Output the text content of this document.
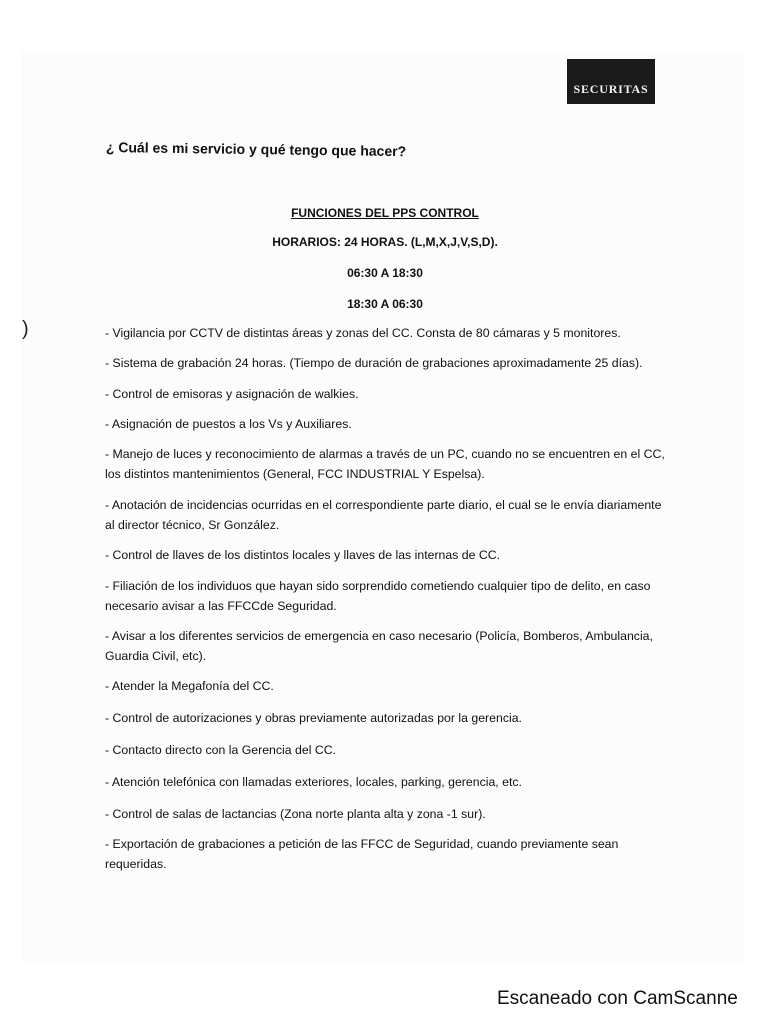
SECURITAS
¿ Cuál es mi servicio y qué tengo que hacer?
FUNCIONES DEL PPS CONTROL
HORARIOS: 24 HORAS. (L,M,X,J,V,S,D).
06:30 A 18:30
18:30 A 06:30
)	- Vigilancia por CCTV de distintas áreas y zonas del CC. Consta de 80 cámaras y 5 monitores.
- Sistema de grabación 24 horas. (Tiempo de duración de grabaciones aproximadamente 25 días).
- Control de emisoras y asignación de walkies.
- Asignación de puestos a los Vs y Auxiliares.
- Manejo de luces y reconocimiento de alarmas a través de un PC, cuando no se encuentren en el CC, los distintos mantenimientos (General, FCC INDUSTRIAL Y Espelsa).
- Anotación de incidencias ocurridas en el correspondiente parte diario, el cual se le envía diariamente al director técnico, Sr González.
- Control de llaves de los distintos locales y llaves de las internas de CC.
- Filiación de los individuos que hayan sido sorprendido cometiendo cualquier tipo de delito, en caso necesario avisar a las FFCCde Seguridad.
- Avisar a los diferentes servicios de emergencia en caso necesario (Policía, Bomberos, Ambulancia, Guardia Civil, etc).
- Atender la Megafonía del CC.
- Control de autorizaciones y obras previamente autorizadas por la gerencia.
- Contacto directo con la Gerencia del CC.
- Atención telefónica con llamadas exteriores, locales, parking, gerencia, etc.
- Control de salas de lactancias (Zona norte planta alta y zona -1 sur).
- Exportación de grabaciones a petición de las FFCC de Seguridad, cuando previamente sean requeridas.
Escaneado con CamScanne
